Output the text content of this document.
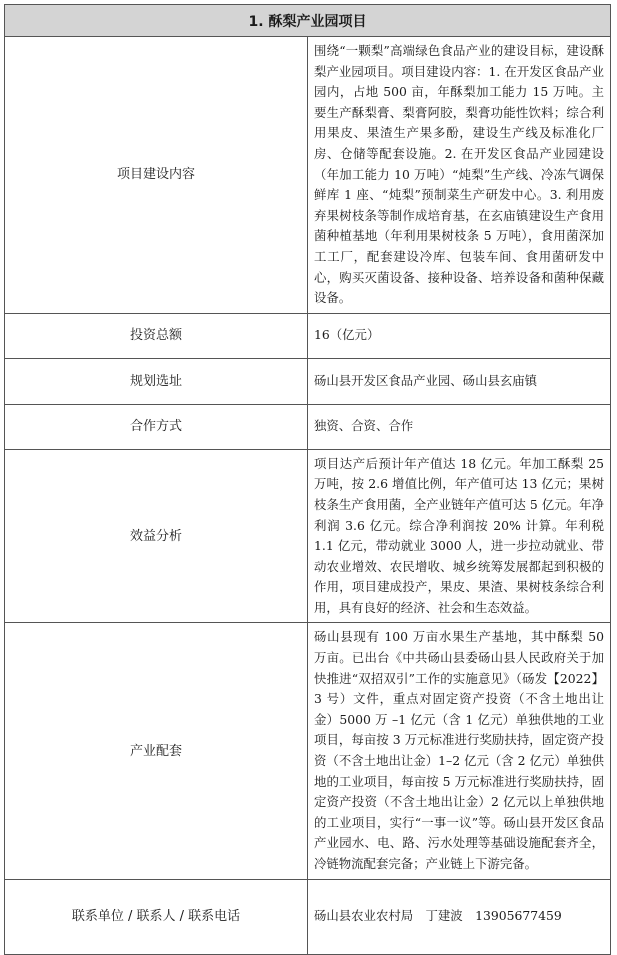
1. 酥梨产业园项目	
项目建设内容	围绕“一颗梨”高端绿色食品产业的建设目标，建设酥梨产业园项目。项目建设内容：1. 在开发区食品产业园内，占地 500 亩，年酥梨加工能力 15 万吨。主要生产酥梨膏、梨膏阿胶，梨膏功能性饮料；综合利用果皮、果渣生产果多酚，建设生产线及标准化厂房、仓储等配套设施。2. 在开发区食品产业园建设（年加工能力 10 万吨）“炖梨”生产线、冷冻气调保鲜库 1 座、“炖梨”预制菜生产研发中心。3. 利用废弃果树枝条等制作成培育基，在玄庙镇建设生产食用菌种植基地（年利用果树枝条 5 万吨），食用菌深加工工厂，配套建设冷库、包装车间、食用菌研发中心，购买灭菌设备、接种设备、培养设备和菌种保藏设备。
投资总额	16（亿元）
规划选址	砀山县开发区食品产业园、砀山县玄庙镇
合作方式	独资、合资、合作
效益分析	项目达产后预计年产值达 18 亿元。年加工酥梨 25 万吨，按 2.6 增值比例，年产值可达 13 亿元；果树枝条生产食用菌，全产业链年产值可达 5 亿元。年净利润 3.6 亿元。综合净利润按 20% 计算。年利税 1.1 亿元，带动就业 3000 人，进一步拉动就业、带动农业增效、农民增收、城乡统筹发展都起到积极的作用，项目建成投产，果皮、果渣、果树枝条综合利用，具有良好的经济、社会和生态效益。
产业配套	砀山县现有 100 万亩水果生产基地，其中酥梨 50 万亩。已出台《中共砀山县委砀山县人民政府关于加快推进“双招双引”工作的实施意见》（砀发【2022】3 号）文件，重点对固定资产投资（不含土地出让金）5000 万 –1 亿元（含 1 亿元）单独供地的工业项目，每亩按 3 万元标准进行奖励扶持，固定资产投资（不含土地出让金）1–2 亿元（含 2 亿元）单独供地的工业项目，每亩按 5 万元标准进行奖励扶持，固定资产投资（不含土地出让金）2 亿元以上单独供地的工业项目，实行“一事一议”等。砀山县开发区食品产业园水、电、路、污水处理等基础设施配套齐全，冷链物流配套完备；产业链上下游完备。
联系单位 / 联系人 / 联系电话	砀山县农业农村局　丁建波　13905677459
